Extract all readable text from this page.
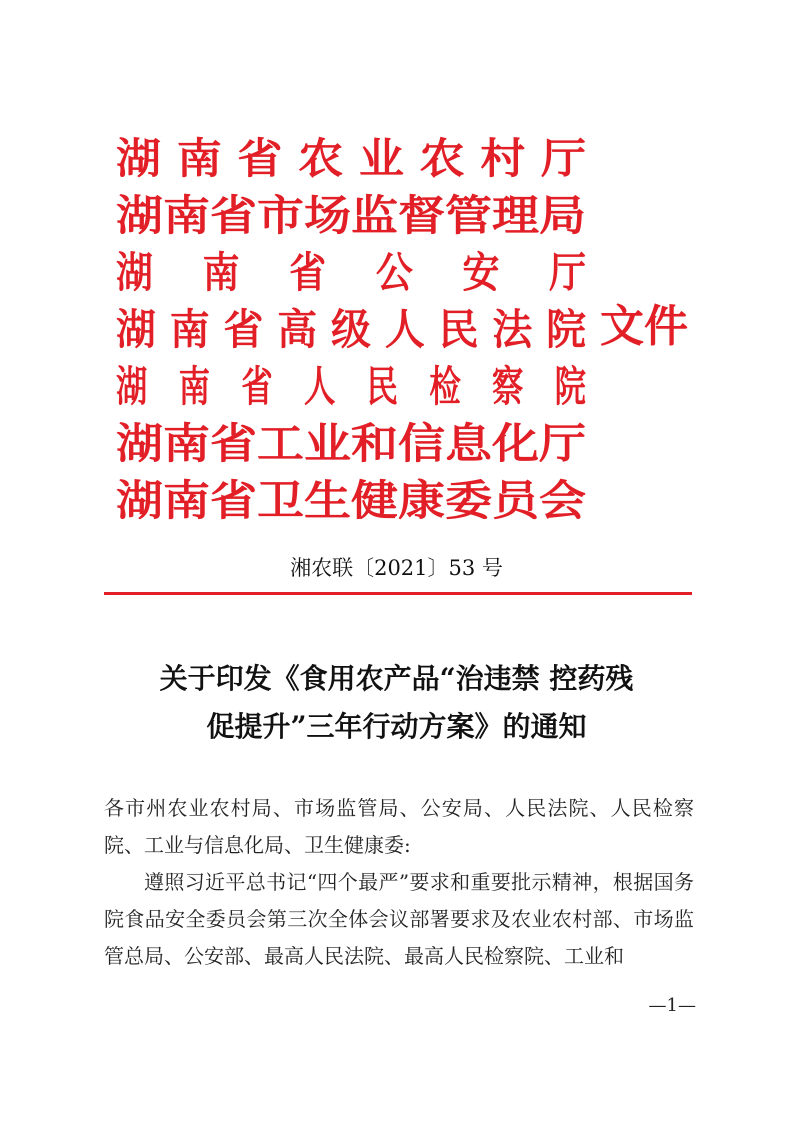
湖 南 省 农 业 农 村 厅
湖南省市场监督管理局
湖　 南　 省　 公　 安　 厅
湖 南 省 高 级 人 民 法 院
湖　南　省　人　民　检　察　院
湖南省工业和信息化厅
湖南省卫生健康委员会
文件
湘农联〔2021〕53 号
关于印发《食用农产品“治违禁 控药残
促提升”三年行动方案》的通知

各市州农业农村局、市场监管局、公安局、人民法院、人民检察院、工业与信息化局、卫生健康委:

遵照习近平总书记“四个最严”要求和重要批示精神，根据国务院食品安全委员会第三次全体会议部署要求及农业农村部、市场监管总局、公安部、最高人民法院、最高人民检察院、工业和

—1—
